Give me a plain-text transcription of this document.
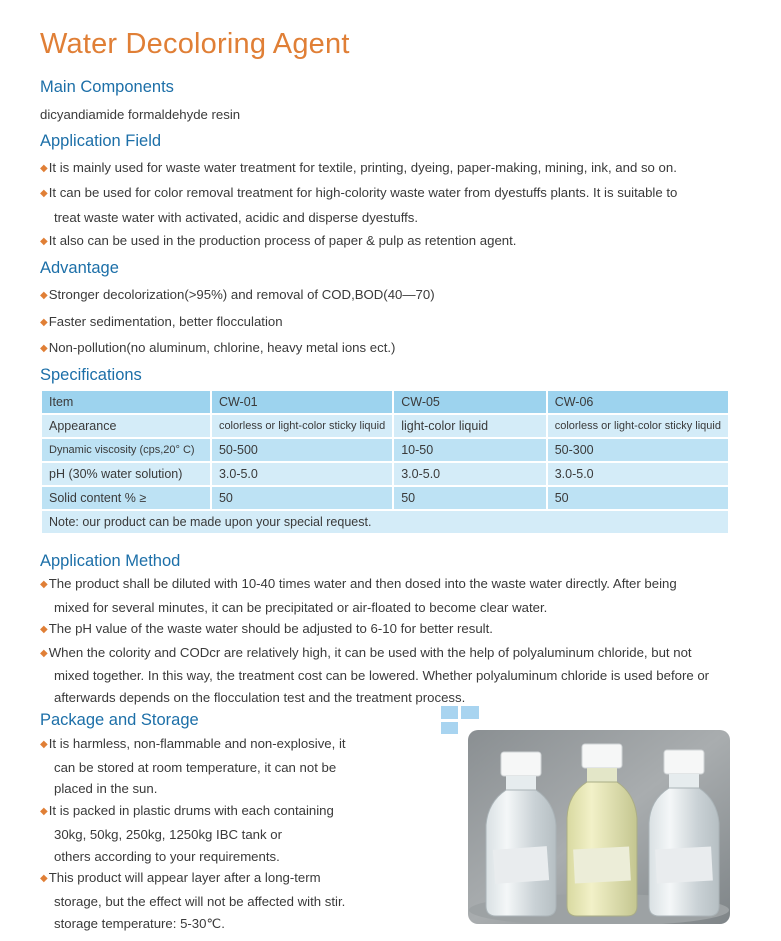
Water Decoloring Agent
Main Components
dicyandiamide formaldehyde resin
Application Field
◆It is mainly used for waste water treatment for textile, printing, dyeing, paper-making, mining, ink, and so on.
◆It can be used for color removal treatment for high-colority waste water from dyestuffs plants. It is suitable to
treat waste water with activated, acidic and disperse dyestuffs.
◆It also can be used in the production process of paper & pulp as retention agent.
Advantage
◆Stronger decolorization(>95%) and removal of COD,BOD(40—70)
◆Faster sedimentation, better flocculation
◆Non-pollution(no aluminum, chlorine, heavy metal ions ect.)
Specifications
Item	CW-01	CW-05	CW-06
Appearance	colorless or light-color sticky liquid	light-color liquid	colorless or light-color sticky liquid
Dynamic viscosity (cps,20° C)	50-500	10-50	50-300
pH (30% water solution)	3.0-5.0	3.0-5.0	3.0-5.0
Solid content % ≥	50	50	50
Note: our product can be made upon your special request.			
Application Method
◆The product shall be diluted with 10-40 times water and then dosed into the waste water directly. After being
mixed for several minutes, it can be precipitated or air-floated to become clear water.
◆The pH value of the waste water should be adjusted to 6-10 for better result.
◆When the colority and CODcr are relatively high, it can be used with the help of polyaluminum chloride, but not
mixed together. In this way, the treatment cost can be lowered. Whether polyaluminum chloride is used before or
afterwards depends on the flocculation test and the treatment process.
Package and Storage
◆It is harmless, non-flammable and non-explosive, it
can be stored at room temperature, it can not be
placed in the sun.
◆It is packed in plastic drums with each containing
30kg, 50kg, 250kg, 1250kg IBC tank or
others according to your requirements.
◆This product will appear layer after a long-term
storage, but the effect will not be affected with stir.
storage temperature: 5-30℃.
